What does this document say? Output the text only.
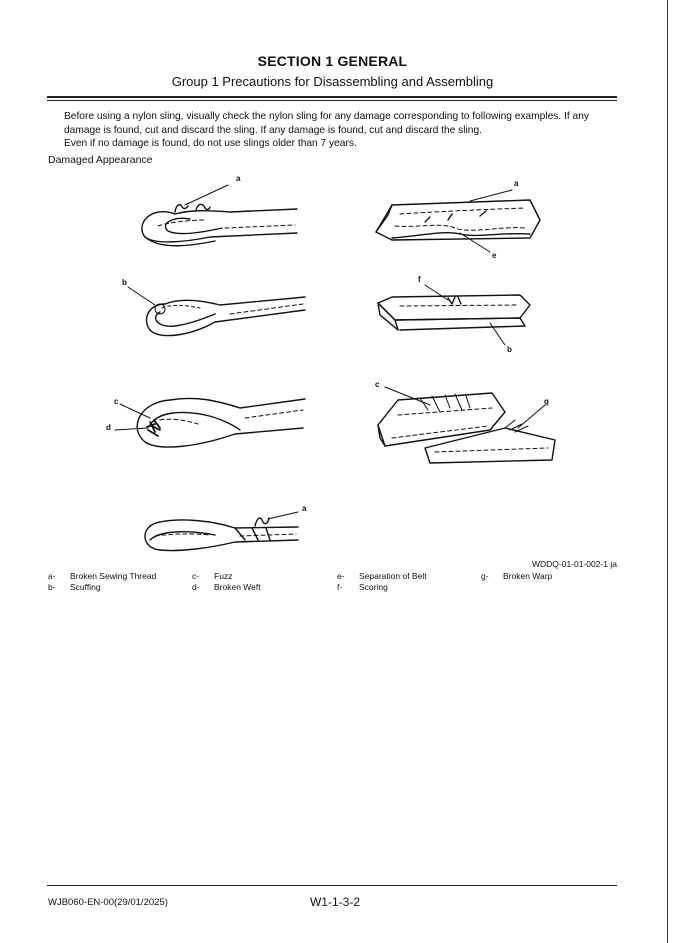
SECTION 1 GENERAL
Group 1 Precautions for Disassembling and Assembling

Before using a nylon sling, visually check the nylon sling for any damage corresponding to following examples. If any damage is found, cut and discard the sling. If any damage is found, cut and discard the sling.

Even if no damage is found, do not use slings older than 7 years.

Damaged Appearance
a
a
e
b	f
b
c
d
c
g
a
WDDQ-01-01-002-1 ja
a- Broken Sewing Thread
b- Scuffing
c- Fuzz
d- Broken Weft
e- Separation of Belt
f- Scoring
g- Broken Warp
WJB060-EN-00(29/01/2025)	W1-1-3-2
